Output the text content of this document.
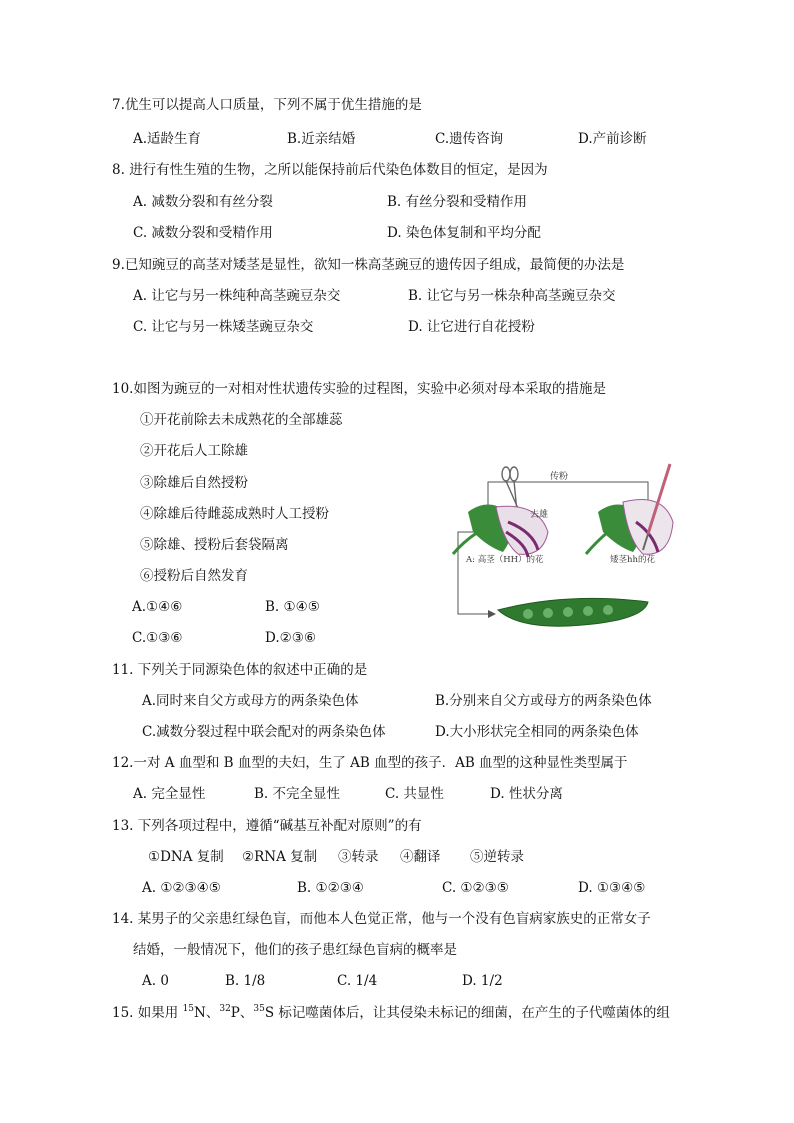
7.优生可以提高人口质量，下列不属于优生措施的是
A.适龄生育	B.近亲结婚	C.遗传咨询	D.产前诊断
8. 进行有性生殖的生物，之所以能保持前后代染色体数目的恒定，是因为
A. 减数分裂和有丝分裂	B. 有丝分裂和受精作用
C. 减数分裂和受精作用	D. 染色体复制和平均分配
9.已知豌豆的高茎对矮茎是显性，欲知一株高茎豌豆的遗传因子组成，最简便的办法是
A. 让它与另一株纯种高茎豌豆杂交	B. 让它与另一株杂种高茎豌豆杂交
C. 让它与另一株矮茎豌豆杂交	D. 让它进行自花授粉
10.如图为豌豆的一对相对性状遗传实验的过程图，实验中必须对母本采取的措施是
①开花前除去未成熟花的全部雄蕊
②开花后人工除雄
③除雄后自然授粉
④除雄后待雌蕊成熟时人工授粉
⑤除雄、授粉后套袋隔离
⑥授粉后自然发育
A.①④⑥	B. ①④⑤
C.①③⑥	D.②③⑥
传粉
去雄
A: 高茎（HH）的花	矮茎hh的花
11. 下列关于同源染色体的叙述中正确的是
A.同时来自父方或母方的两条染色体	B.分别来自父方或母方的两条染色体
C.减数分裂过程中联会配对的两条染色体	D.大小形状完全相同的两条染色体
12.一对 A 血型和 B 血型的夫妇，生了 AB 血型的孩子．AB 血型的这种显性类型属于
A. 完全显性	B. 不完全显性	C. 共显性	D. 性状分离
13. 下列各项过程中，遵循“碱基互补配对原则”的有
①DNA 复制 ②RNA 复制 ③转录 ④翻译 ⑤逆转录
A. ①②③④⑤	B. ①②③④	C. ①②③⑤	D. ①③④⑤
14. 某男子的父亲患红绿色盲，而他本人色觉正常，他与一个没有色盲病家族史的正常女子
结婚，一般情况下，他们的孩子患红绿色盲病的概率是
A. 0	B. 1/8	C. 1/4	D. 1/2
15. 如果用 $^{15}$N、$^{32}$P、$^{35}$S 标记噬菌体后，让其侵染未标记的细菌，在产生的子代噬菌体的组
